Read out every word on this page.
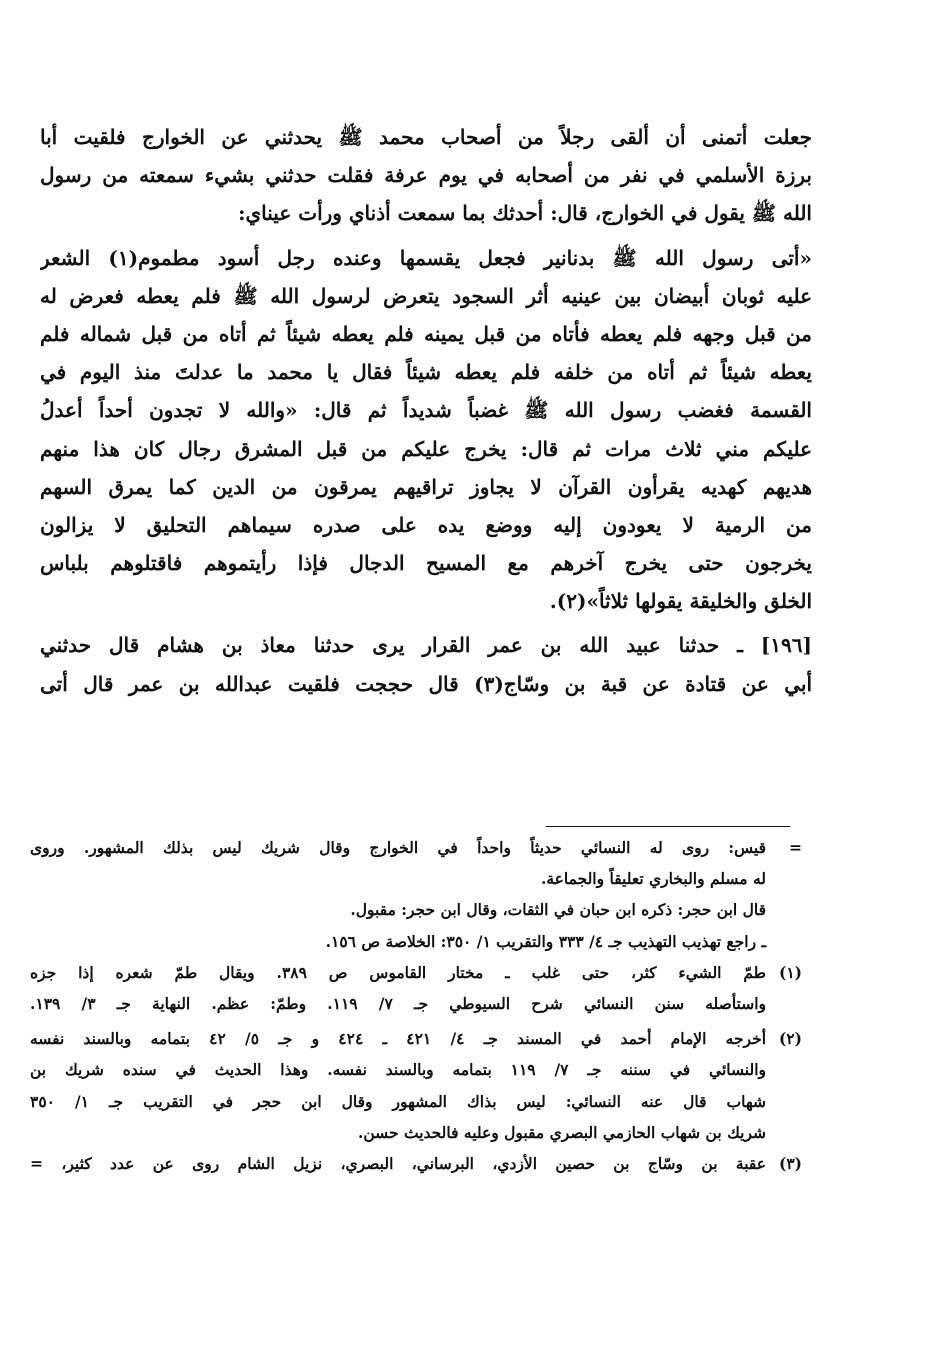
جعلت أتمنى أن ألقى رجلاً من أصحاب محمد ﷺ يحدثني عن الخوارج فلقيت أبا
برزة الأسلمي في نفر من أصحابه في يوم عرفة فقلت حدثني بشيء سمعته من رسول
الله ﷺ يقول في الخوارج، قال: أحدثك بما سمعت أذناي ورأت عيناي:
«أتى رسول الله ﷺ بدنانير فجعل يقسمها وعنده رجل أسود مطموم(١) الشعر
عليه ثوبان أبيضان بين عينيه أثر السجود يتعرض لرسول الله ﷺ فلم يعطه فعرض له
من قبل وجهه فلم يعطه فأتاه من قبل يمينه فلم يعطه شيئاً ثم أتاه من قبل شماله فلم
يعطه شيئاً ثم أتاه من خلفه فلم يعطه شيئاً فقال يا محمد ما عدلتَ منذ اليوم في
القسمة فغضب رسول الله ﷺ غضباً شديداً ثم قال: «والله لا تجدون أحداً أعدلُ
عليكم مني ثلاث مرات ثم قال: يخرج عليكم من قبل المشرق رجال كان هذا منهم
هديهم كهديه يقرأون القرآن لا يجاوز تراقيهم يمرقون من الدين كما يمرق السهم
من الرمية لا يعودون إليه ووضع يده على صدره سيماهم التحليق لا يزالون
يخرجون حتى يخرج آخرهم مع المسيح الدجال فإذا رأيتموهم فاقتلوهم بلباس
الخلق والخليقة يقولها ثلاثاً»(٢).
[١٩٦] ـ حدثنا عبيد الله بن عمر القرار يرى حدثنا معاذ بن هشام قال حدثني
أبي عن قتادة عن قبة بن وسّاج(٣) قال حججت فلقيت عبدالله بن عمر قال أتى
=قيس: روى له النسائي حديثاً واحداً في الخوارج وقال شريك ليس بذلك المشهور. وروى
له مسلم والبخاري تعليقاً والجماعة.
قال ابن حجر: ذكره ابن حبان في الثقات، وقال ابن حجر: مقبول.
ـ راجع تهذيب التهذيب جـ ٤/ ٣٣٣ والتقريب ١/ ٣٥٠: الخلاصة ص ١٥٦.
(١)طمّ الشيء كثر، حتى غلب ـ مختار القاموس ص ٣٨٩. ويقال طمّ شعره إذا جزه
واستأصله سنن النسائي شرح السيوطي جـ ٧/ ١١٩. وطمّ: عظم. النهاية جـ ٣/ ١٣٩.
(٢)أخرجه الإمام أحمد في المسند جـ ٤/ ٤٢١ ـ ٤٢٤ و جـ ٥/ ٤٢ بتمامه وبالسند نفسه
والنسائي في سننه جـ ٧/ ١١٩ بتمامه وبالسند نفسه. وهذا الحديث في سنده شريك بن
شهاب قال عنه النسائي: ليس بذاك المشهور وقال ابن حجر في التقريب جـ ١/ ٣٥٠
شريك بن شهاب الحازمي البصري مقبول وعليه فالحديث حسن.
(٣)عقبة بن وسّاج بن حصين الأزدي، البرساني، البصري، نزيل الشام روى عن عدد كثير، =
